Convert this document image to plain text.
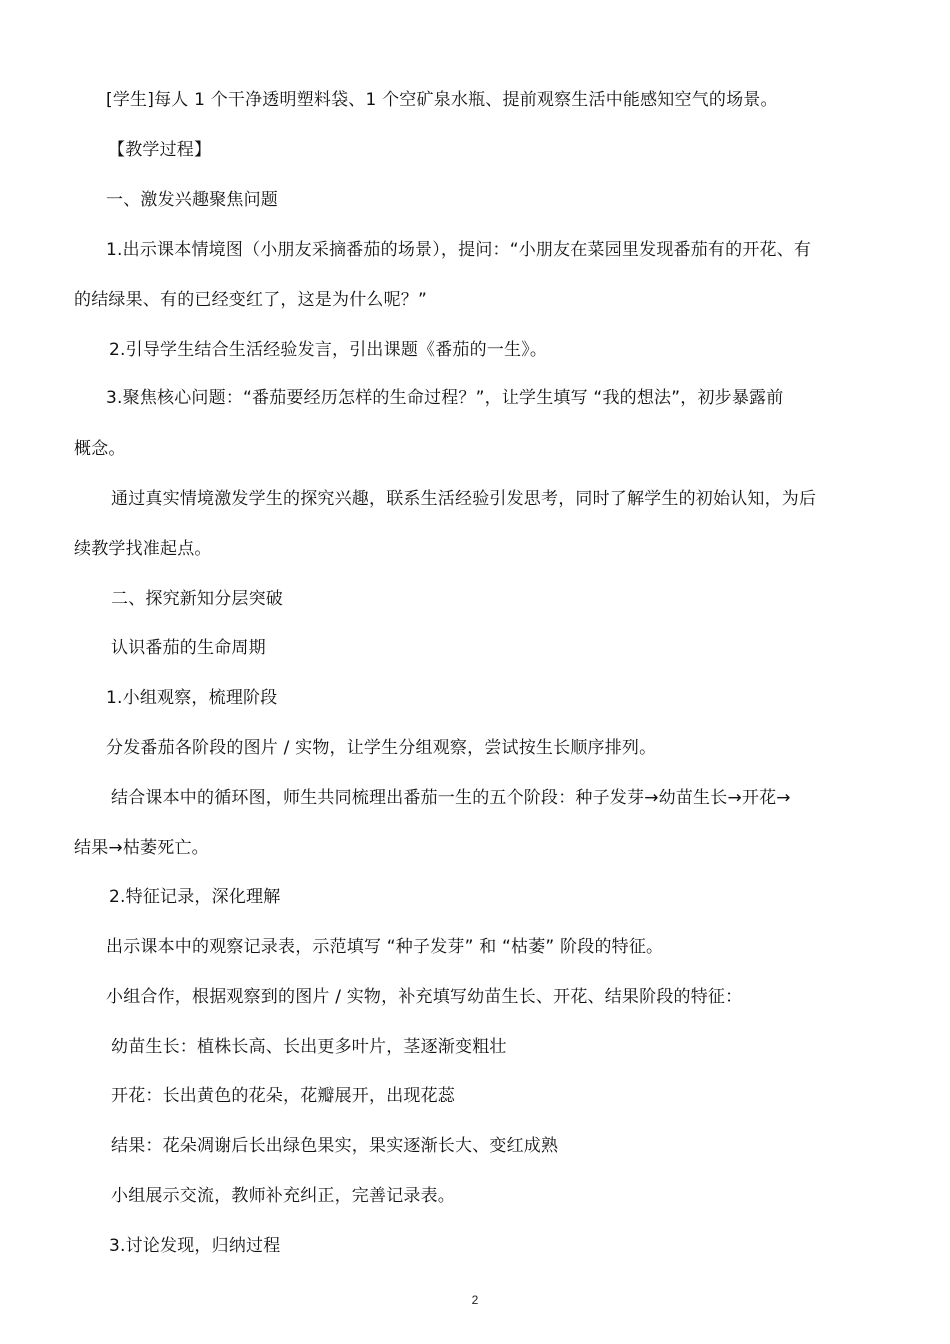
[学生]每人 1 个干净透明塑料袋、1 个空矿泉水瓶、提前观察生活中能感知空气的场景。
【教学过程】
一、激发兴趣聚焦问题
1.出示课本情境图（小朋友采摘番茄的场景），提问：“小朋友在菜园里发现番茄有的开花、有
的结绿果、有的已经变红了，这是为什么呢？”
2.引导学生结合生活经验发言，引出课题《番茄的一生》。
3.聚焦核心问题：“番茄要经历怎样的生命过程？”，让学生填写 “我的想法”，初步暴露前
概念。
通过真实情境激发学生的探究兴趣，联系生活经验引发思考，同时了解学生的初始认知，为后
续教学找准起点。
二、探究新知分层突破
认识番茄的生命周期
1.小组观察，梳理阶段
分发番茄各阶段的图片 / 实物，让学生分组观察，尝试按生长顺序排列。
结合课本中的循环图，师生共同梳理出番茄一生的五个阶段：种子发芽→幼苗生长→开花→
结果→枯萎死亡。
2.特征记录，深化理解
出示课本中的观察记录表，示范填写 “种子发芽” 和 “枯萎” 阶段的特征。
小组合作，根据观察到的图片 / 实物，补充填写幼苗生长、开花、结果阶段的特征：
幼苗生长：植株长高、长出更多叶片，茎逐渐变粗壮
开花：长出黄色的花朵，花瓣展开，出现花蕊
结果：花朵凋谢后长出绿色果实，果实逐渐长大、变红成熟
小组展示交流，教师补充纠正，完善记录表。
3.讨论发现，归纳过程
2
